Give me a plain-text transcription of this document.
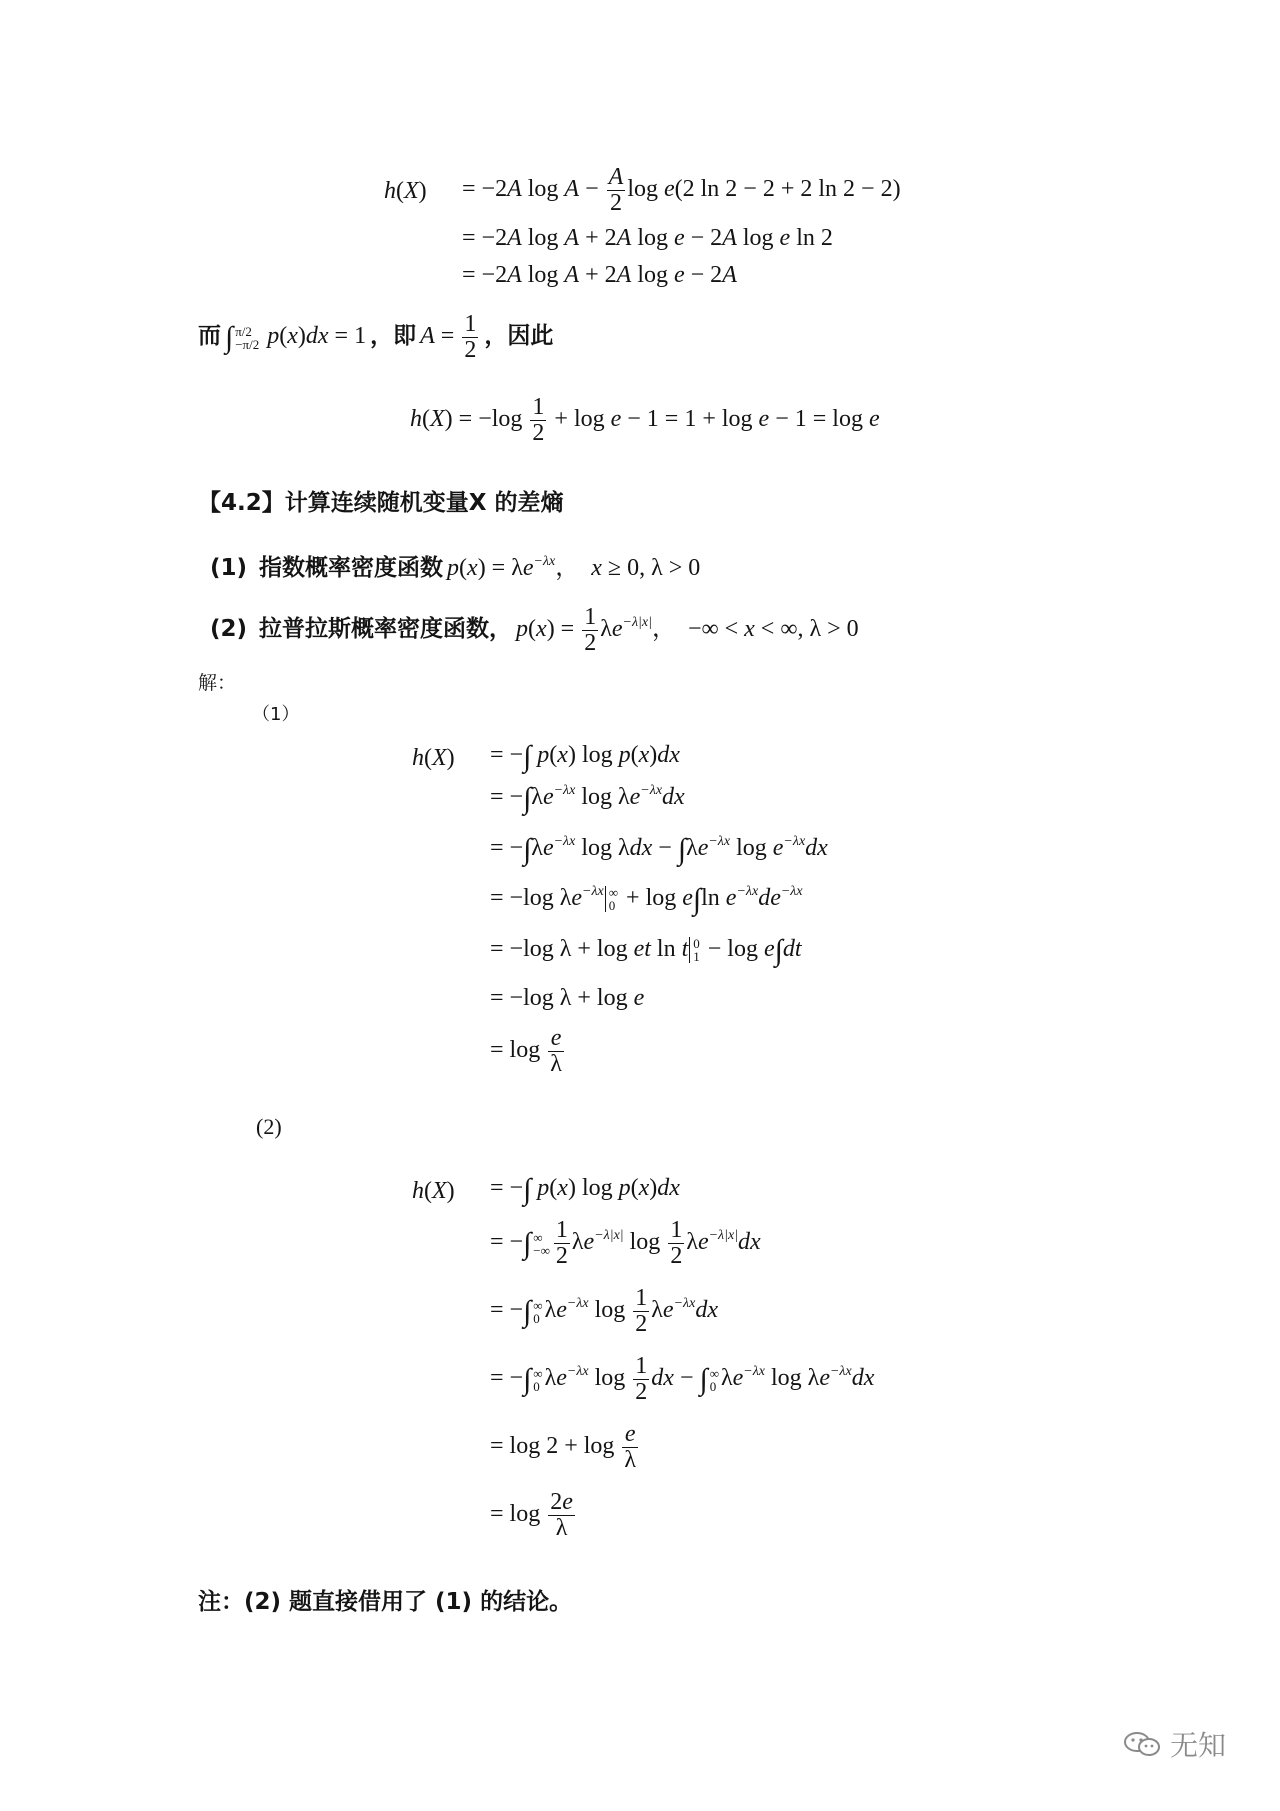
h(X) = −2A $\log A - \frac{A}{2}$ log e(2 ln 2 − 2 + 2 ln 2 − 2)
= −2A log A + 2A log e − 2A log e ln 2
= −2A log A + 2A log e − 2A
而 ∫ π/2
−π/2 p(x)dx = 1 ，即 $A = \frac{1}{2}$ ，因此
$h(X) = -\log \frac{1}{2} + \log e - 1 = 1 + \log e - 1 = \log e$
【4.2】计算连续随机变量X 的差熵
(1) 指数概率密度函数 $p(x) = \lambda e^{-\lambda x}$，  x ≥ 0, λ > 0
(2) 拉普拉斯概率密度函数， $p(x) = \frac{1}{2} \lambda e^{-\lambda|x|}$，  −∞ < x < ∞, λ > 0
解：
（1）
h(X) = −∫ p(x) log p(x)dx
= $-\int\lambda e^{-\lambda x}$ $\log \lambda e^{-\lambda x}dx$
= $-\int\lambda e^{-\lambda x}$ $\log \lambda dx - \int\lambda e^{-\lambda x}$ $\log e^{-\lambda x}dx$
= −log $\lambda e^{-\lambda x}$ ∞
0 + log e∫ln $e^{-\lambda x}de^{-\lambda x}$
= −log λ + log et ln t 0
1 − log e∫dt
= −log λ + log e
= $\log \frac{e}{\lambda}$
(2)
h(X) = −∫ p(x) log p(x)dx
= −∫ ∞
−∞ $\frac{1}{2} \lambda e^{-\lambda|x|}$ $\log \frac{1}{2} \lambda e^{-\lambda|x|}dx$
= −∫ ∞
0 $\lambda e^{-\lambda x}$ $\log \frac{1}{2} \lambda e^{-\lambda x}dx$
= −∫ ∞
0 $\lambda e^{-\lambda x}$ $\log \frac{1}{2}$ dx − ∫ ∞
0 $\lambda e^{-\lambda x}$ $\log \lambda e^{-\lambda x}dx$
= $\log 2 + \log \frac{e}{\lambda}$
= $\log \frac{2e}{\lambda}$
注：(2) 题直接借用了 (1) 的结论。
无知
